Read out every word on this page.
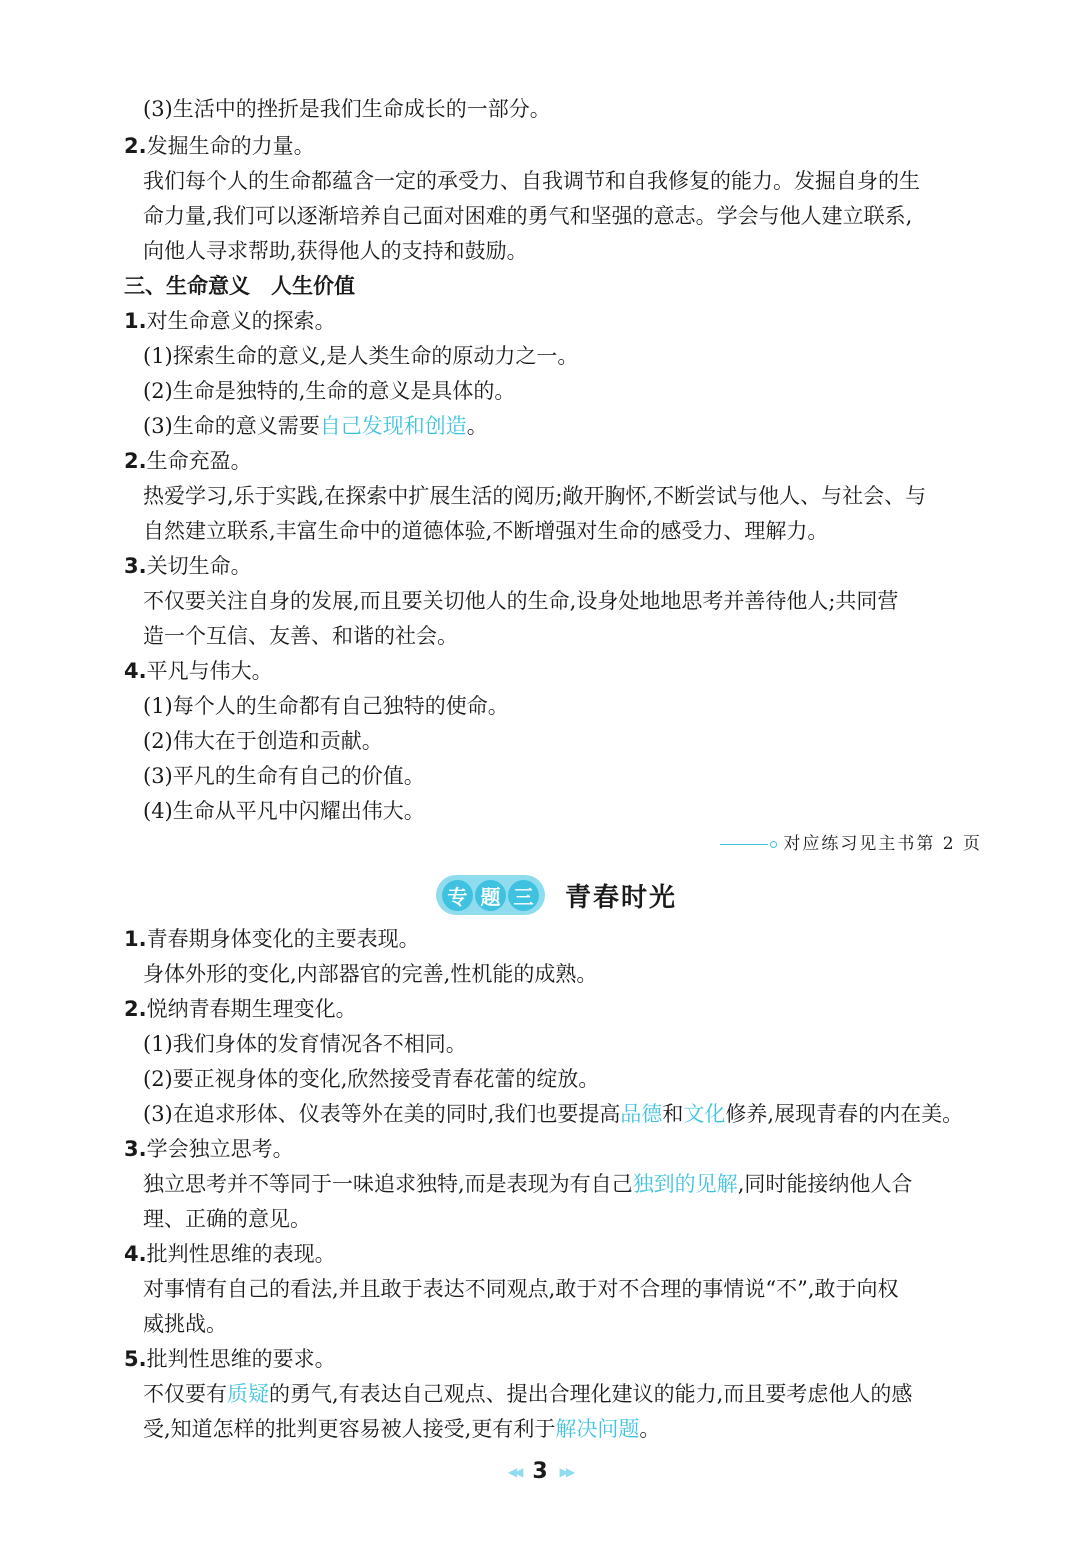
(3)生活中的挫折是我们生命成长的一部分。
2.发掘生命的力量。
我们每个人的生命都蕴含一定的承受力、自我调节和自我修复的能力。发掘自身的生
命力量,我们可以逐渐培养自己面对困难的勇气和坚强的意志。学会与他人建立联系,
向他人寻求帮助,获得他人的支持和鼓励。
三、生命意义　人生价值
1.对生命意义的探索。
(1)探索生命的意义,是人类生命的原动力之一。
(2)生命是独特的,生命的意义是具体的。
(3)生命的意义需要自己发现和创造。
2.生命充盈。
热爱学习,乐于实践,在探索中扩展生活的阅历;敞开胸怀,不断尝试与他人、与社会、与
自然建立联系,丰富生命中的道德体验,不断增强对生命的感受力、理解力。
3.关切生命。
不仅要关注自身的发展,而且要关切他人的生命,设身处地地思考并善待他人;共同营
造一个互信、友善、和谐的社会。
4.平凡与伟大。
(1)每个人的生命都有自己独特的使命。
(2)伟大在于创造和贡献。
(3)平凡的生命有自己的价值。
(4)生命从平凡中闪耀出伟大。
对应练习见主书第 2 页
专 题 三 青春时光
1.青春期身体变化的主要表现。
身体外形的变化,内部器官的完善,性机能的成熟。
2.悦纳青春期生理变化。
(1)我们身体的发育情况各不相同。
(2)要正视身体的变化,欣然接受青春花蕾的绽放。
(3)在追求形体、仪表等外在美的同时,我们也要提高品德和文化修养,展现青春的内在美。
3.学会独立思考。
独立思考并不等同于一味追求独特,而是表现为有自己独到的见解,同时能接纳他人合
理、正确的意见。
4.批判性思维的表现。
对事情有自己的看法,并且敢于表达不同观点,敢于对不合理的事情说“不”,敢于向权
威挑战。
5.批判性思维的要求。
不仅要有质疑的勇气,有表达自己观点、提出合理化建议的能力,而且要考虑他人的感
受,知道怎样的批判更容易被人接受,更有利于解决问题。
◀◀ 3 ▶▶
